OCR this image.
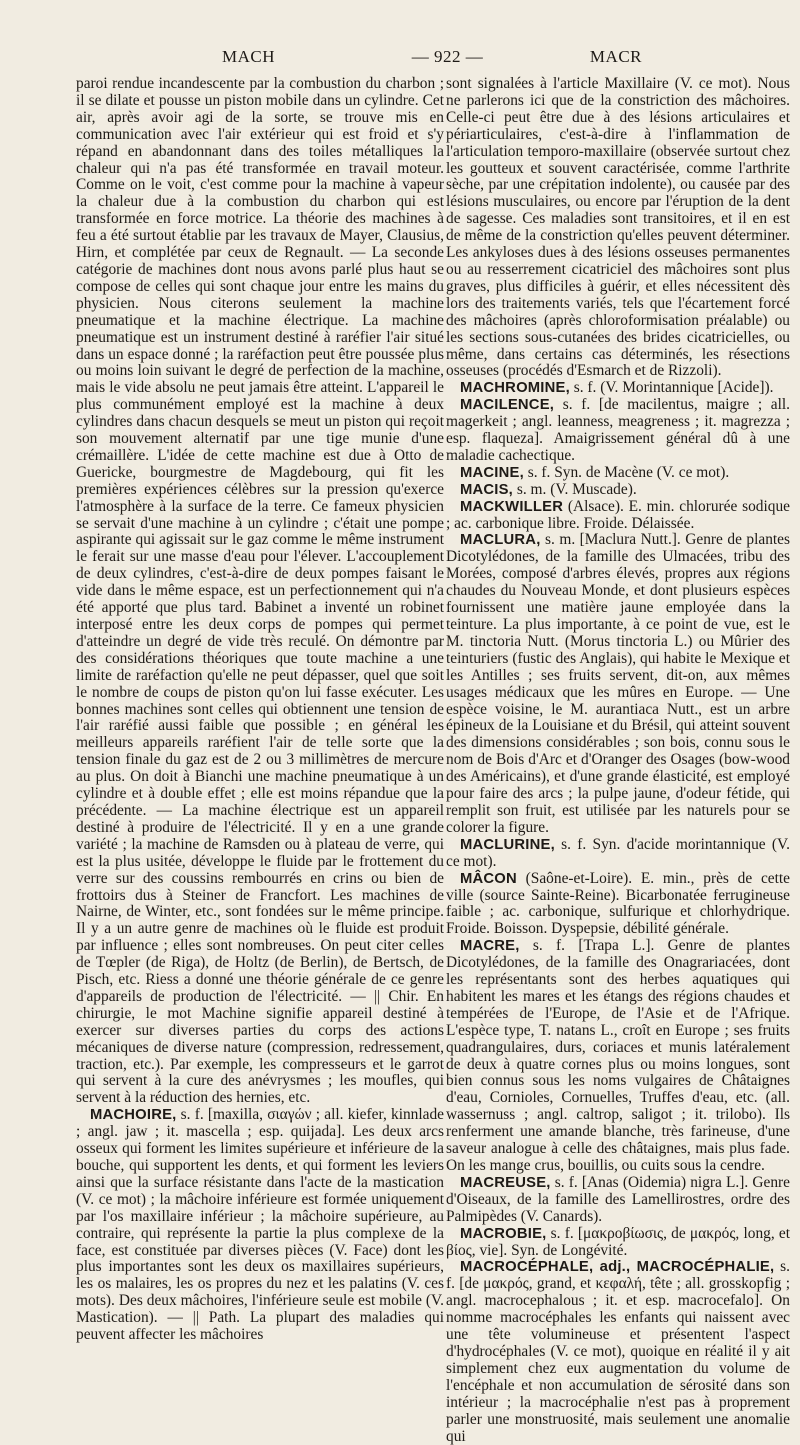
MACH	— 922 —	MACR

paroi rendue incandescente par la combustion du charbon ; il se dilate et pousse un piston mobile dans un cylindre. Cet air, après avoir agi de la sorte, se trouve mis en communication avec l'air extérieur qui est froid et s'y répand en abandonnant dans des toiles métalliques la chaleur qui n'a pas été transformée en travail moteur. Comme on le voit, c'est comme pour la machine à vapeur la chaleur due à la combustion du charbon qui est transformée en force motrice. La théorie des machines à feu a été surtout établie par les travaux de Mayer, Clausius, Hirn, et complétée par ceux de Regnault. — La seconde catégorie de machines dont nous avons parlé plus haut se compose de celles qui sont chaque jour entre les mains du physicien. Nous citerons seulement la machine pneumatique et la machine électrique. La machine pneumatique est un instrument destiné à raréfier l'air situé dans un espace donné ; la raréfaction peut être poussée plus ou moins loin suivant le degré de perfection de la machine, mais le vide absolu ne peut jamais être atteint. L'appareil le plus communément employé est la machine à deux cylindres dans chacun desquels se meut un piston qui reçoit son mouvement alternatif par une tige munie d'une crémaillère. L'idée de cette machine est due à Otto de Guericke, bourgmestre de Magdebourg, qui fit les premières expériences célèbres sur la pression qu'exerce l'atmosphère à la surface de la terre. Ce fameux physicien se servait d'une machine à un cylindre ; c'était une pompe aspirante qui agissait sur le gaz comme le même instrument le ferait sur une masse d'eau pour l'élever. L'accouplement de deux cylindres, c'est-à-dire de deux pompes faisant le vide dans le même espace, est un perfectionnement qui n'a été apporté que plus tard. Babinet a inventé un robinet interposé entre les deux corps de pompes qui permet d'atteindre un degré de vide très reculé. On démontre par des considérations théoriques que toute machine a une limite de raréfaction qu'elle ne peut dépasser, quel que soit le nombre de coups de piston qu'on lui fasse exécuter. Les bonnes machines sont celles qui obtiennent une tension de l'air raréfié aussi faible que possible ; en général les meilleurs appareils raréfient l'air de telle sorte que la tension finale du gaz est de 2 ou 3 millimètres de mercure au plus. On doit à Bianchi une machine pneumatique à un cylindre et à double effet ; elle est moins répandue que la précédente. — La machine électrique est un appareil destiné à produire de l'électricité. Il y en a une grande variété ; la machine de Ramsden ou à plateau de verre, qui est la plus usitée, développe le fluide par le frottement du verre sur des coussins rembourrés en crins ou bien de frottoirs dus à Steiner de Francfort. Les machines de Nairne, de Winter, etc., sont fondées sur le même principe. Il y a un autre genre de machines où le fluide est produit par influence ; elles sont nombreuses. On peut citer celles de Tœpler (de Riga), de Holtz (de Berlin), de Bertsch, de Pisch, etc. Riess a donné une théorie générale de ce genre d'appareils de production de l'électricité. — || Chir. En chirurgie, le mot Machine signifie appareil destiné à exercer sur diverses parties du corps des actions mécaniques de diverse nature (compression, redressement, traction, etc.). Par exemple, les compresseurs et le garrot qui servent à la cure des anévrysmes ; les moufles, qui servent à la réduction des hernies, etc.

MACHOIRE, s. f. [maxilla, σιαγών ; all. kiefer, kinnlade ; angl. jaw ; it. mascella ; esp. quijada]. Les deux arcs osseux qui forment les limites supérieure et inférieure de la bouche, qui supportent les dents, et qui forment les leviers ainsi que la surface résistante dans l'acte de la mastication (V. ce mot) ; la mâchoire inférieure est formée uniquement par l'os maxillaire inférieur ; la mâchoire supérieure, au contraire, qui représente la partie la plus complexe de la face, est constituée par diverses pièces (V. Face) dont les plus importantes sont les deux os maxillaires supérieurs, les os malaires, les os propres du nez et les palatins (V. ces mots). Des deux mâchoires, l'inférieure seule est mobile (V. Mastication). — || Path. La plupart des maladies qui peuvent affecter les mâchoires

sont signalées à l'article Maxillaire (V. ce mot). Nous ne parlerons ici que de la constriction des mâchoires. Celle-ci peut être due à des lésions articulaires et périarticulaires, c'est-à-dire à l'inflammation de l'articulation temporo-maxillaire (observée surtout chez les goutteux et souvent caractérisée, comme l'arthrite sèche, par une crépitation indolente), ou causée par des lésions musculaires, ou encore par l'éruption de la dent de sagesse. Ces maladies sont transitoires, et il en est de même de la constriction qu'elles peuvent déterminer. Les ankyloses dues à des lésions osseuses permanentes ou au resserrement cicatriciel des mâchoires sont plus graves, plus difficiles à guérir, et elles nécessitent dès lors des traitements variés, tels que l'écartement forcé des mâchoires (après chloroformisation préalable) ou les sections sous-cutanées des brides cicatricielles, ou même, dans certains cas déterminés, les résections osseuses (procédés d'Esmarch et de Rizzoli).

MACHROMINE, s. f. (V. Morintannique [Acide]).

MACILENCE, s. f. [de macilentus, maigre ; all. magerkeit ; angl. leanness, meagreness ; it. magrezza ; esp. flaqueza]. Amaigrissement général dû à une maladie cachectique.

MACINE, s. f. Syn. de Macène (V. ce mot).

MACIS, s. m. (V. Muscade).

MACKWILLER (Alsace). E. min. chlorurée sodique ; ac. carbonique libre. Froide. Délaissée.

MACLURA, s. m. [Maclura Nutt.]. Genre de plantes Dicotylédones, de la famille des Ulmacées, tribu des Morées, composé d'arbres élevés, propres aux régions chaudes du Nouveau Monde, et dont plusieurs espèces fournissent une matière jaune employée dans la teinture. La plus importante, à ce point de vue, est le M. tinctoria Nutt. (Morus tinctoria L.) ou Mûrier des teinturiers (fustic des Anglais), qui habite le Mexique et les Antilles ; ses fruits servent, dit-on, aux mêmes usages médicaux que les mûres en Europe. — Une espèce voisine, le M. aurantiaca Nutt., est un arbre épineux de la Louisiane et du Brésil, qui atteint souvent des dimensions considérables ; son bois, connu sous le nom de Bois d'Arc et d'Oranger des Osages (bow-wood des Américains), et d'une grande élasticité, est employé pour faire des arcs ; la pulpe jaune, d'odeur fétide, qui remplit son fruit, est utilisée par les naturels pour se colorer la figure.

MACLURINE, s. f. Syn. d'acide morintannique (V. ce mot).

MÂCON (Saône-et-Loire). E. min., près de cette ville (source Sainte-Reine). Bicarbonatée ferrugineuse faible ; ac. carbonique, sulfurique et chlorhydrique. Froide. Boisson. Dyspepsie, débilité générale.

MACRE, s. f. [Trapa L.]. Genre de plantes Dicotylédones, de la famille des Onagrariacées, dont les représentants sont des herbes aquatiques qui habitent les mares et les étangs des régions chaudes et tempérées de l'Europe, de l'Asie et de l'Afrique. L'espèce type, T. natans L., croît en Europe ; ses fruits quadrangulaires, durs, coriaces et munis latéralement de deux à quatre cornes plus ou moins longues, sont bien connus sous les noms vulgaires de Châtaignes d'eau, Cornioles, Cornuelles, Truffes d'eau, etc. (all. wassernuss ; angl. caltrop, saligot ; it. trilobo). Ils renferment une amande blanche, très farineuse, d'une saveur analogue à celle des châtaignes, mais plus fade. On les mange crus, bouillis, ou cuits sous la cendre.

MACREUSE, s. f. [Anas (Oidemia) nigra L.]. Genre d'Oiseaux, de la famille des Lamellirostres, ordre des Palmipèdes (V. Canards).

MACROBIE, s. f. [μακροβίωσις, de μακρός, long, et βίος, vie]. Syn. de Longévité.

MACROCÉPHALE, adj., MACROCÉPHALIE, s. f. [de μακρός, grand, et κεφαλή, tête ; all. grosskopfig ; angl. macrocephalous ; it. et esp. macrocefalo]. On nomme macrocéphales les enfants qui naissent avec une tête volumineuse et présentent l'aspect d'hydrocéphales (V. ce mot), quoique en réalité il y ait simplement chez eux augmentation du volume de l'encéphale et non accumulation de sérosité dans son intérieur ; la macrocéphalie n'est pas à proprement parler une monstruosité, mais seulement une anomalie qui
